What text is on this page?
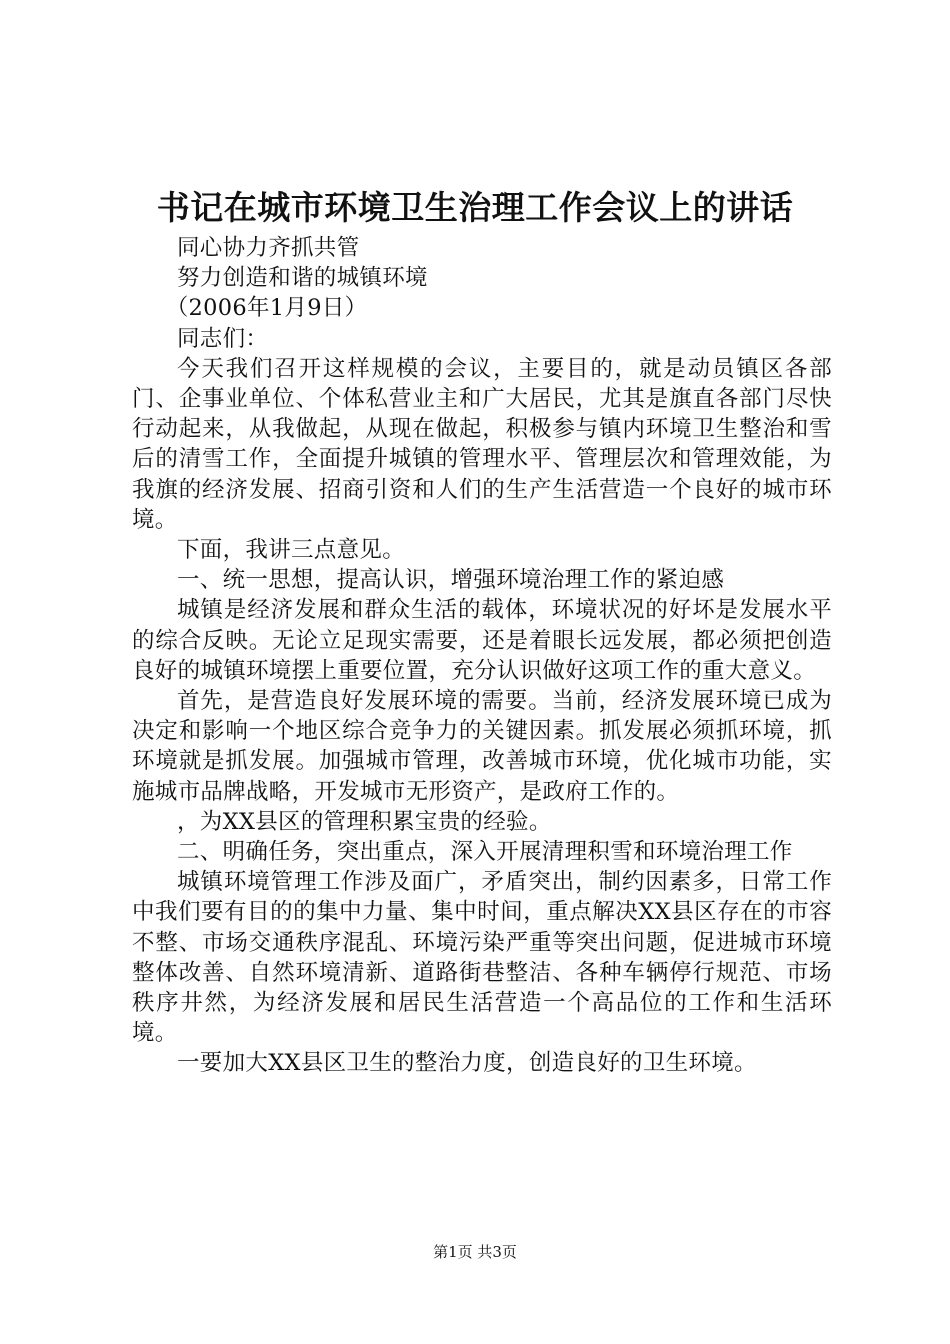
书记在城市环境卫生治理工作会议上的讲话

同心协力齐抓共管

努力创造和谐的城镇环境

（2006年1月9日）

同志们：

今天我们召开这样规模的会议，主要目的，就是动员镇区各部门、企事业单位、个体私营业主和广大居民，尤其是旗直各部门尽快行动起来，从我做起，从现在做起，积极参与镇内环境卫生整治和雪后的清雪工作，全面提升城镇的管理水平、管理层次和管理效能，为我旗的经济发展、招商引资和人们的生产生活营造一个良好的城市环境。

下面，我讲三点意见。

一、统一思想，提高认识，增强环境治理工作的紧迫感

城镇是经济发展和群众生活的载体，环境状况的好坏是发展水平的综合反映。无论立足现实需要，还是着眼长远发展，都必须把创造良好的城镇环境摆上重要位置，充分认识做好这项工作的重大意义。

首先，是营造良好发展环境的需要。当前，经济发展环境已成为决定和影响一个地区综合竞争力的关键因素。抓发展必须抓环境，抓环境就是抓发展。加强城市管理，改善城市环境，优化城市功能，实施城市品牌战略，开发城市无形资产，是政府工作的。

，为XX县区的管理积累宝贵的经验。

二、明确任务，突出重点，深入开展清理积雪和环境治理工作

城镇环境管理工作涉及面广，矛盾突出，制约因素多，日常工作中我们要有目的的集中力量、集中时间，重点解决XX县区存在的市容不整、市场交通秩序混乱、环境污染严重等突出问题，促进城市环境整体改善、自然环境清新、道路街巷整洁、各种车辆停行规范、市场秩序井然，为经济发展和居民生活营造一个高品位的工作和生活环境。

一要加大XX县区卫生的整治力度，创造良好的卫生环境。

第1页 共3页
